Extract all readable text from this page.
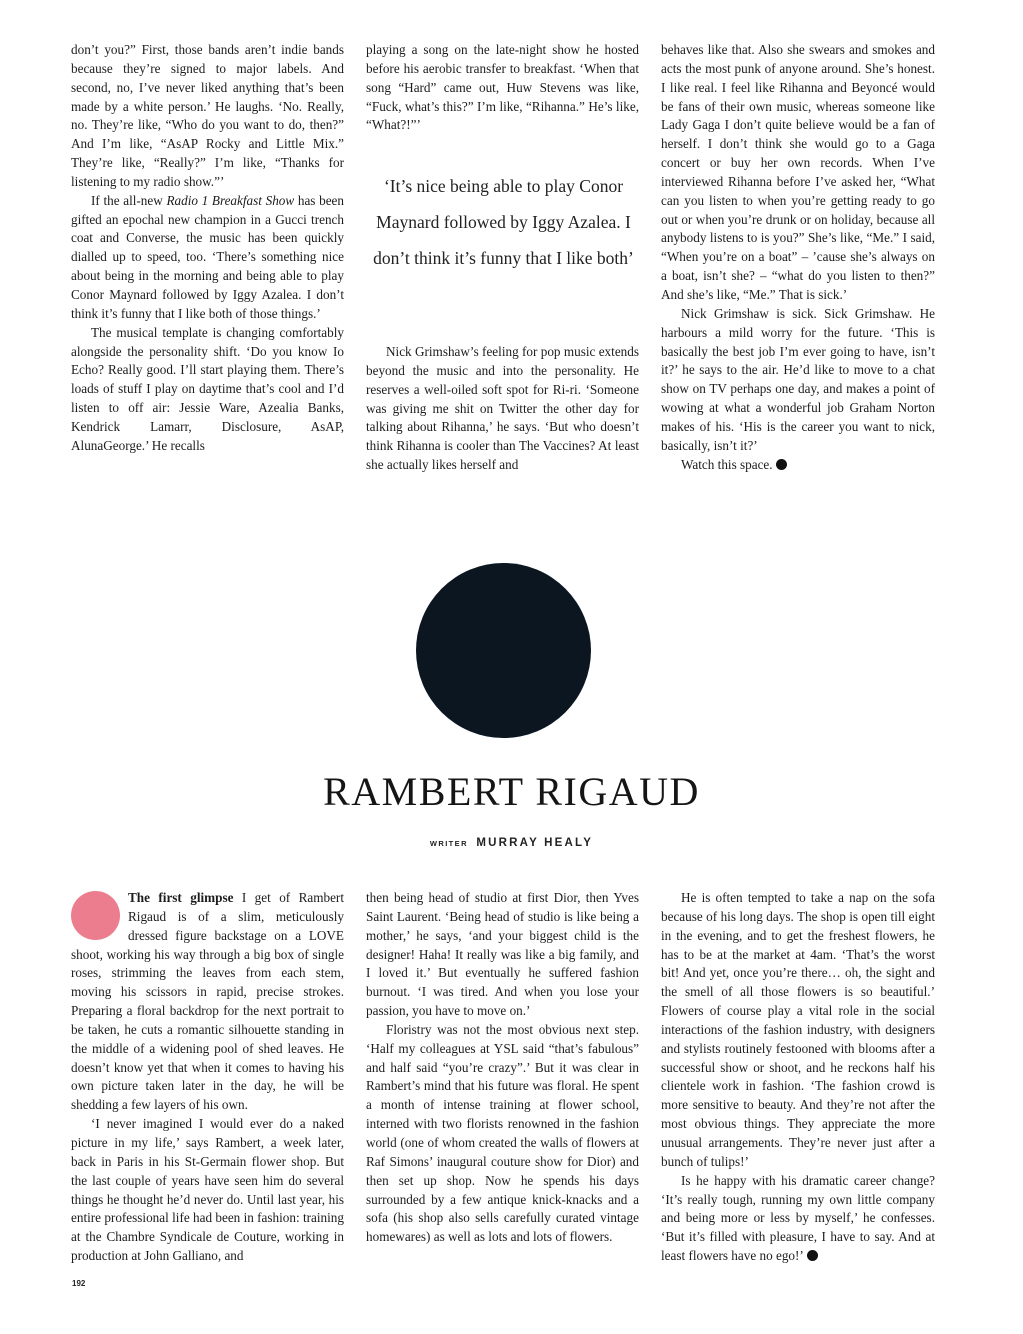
don’t you?” First, those bands aren’t indie bands because they’re signed to major labels. And second, no, I’ve never liked anything that’s been made by a white person.’ He laughs. ‘No. Really, no. They’re like, “Who do you want to do, then?” And I’m like, “AsAP Rocky and Little Mix.” They’re like, “Really?” I’m like, “Thanks for listening to my radio show.”’

If the all-new Radio 1 Breakfast Show has been gifted an epochal new champion in a Gucci trench coat and Converse, the music has been quickly dialled up to speed, too. ‘There’s something nice about being in the morning and being able to play Conor Maynard followed by Iggy Azalea. I don’t think it’s funny that I like both of those things.’

The musical template is changing comfortably alongside the personality shift. ‘Do you know Io Echo? Really good. I’ll start playing them. There’s loads of stuff I play on daytime that’s cool and I’d listen to off air: Jessie Ware, Azealia Banks, Kendrick Lamarr, Disclosure, AsAP, AlunaGeorge.’ He recalls

playing a song on the late-night show he hosted before his aerobic transfer to breakfast. ‘When that song “Hard” came out, Huw Stevens was like, “Fuck, what’s this?” I’m like, “Rihanna.” He’s like, “What?!”’

‘It’s nice being able to play Conor Maynard followed by Iggy Azalea. I don’t think it’s funny that I like both’

Nick Grimshaw’s feeling for pop music extends beyond the music and into the personality. He reserves a well-oiled soft spot for Ri-ri. ‘Someone was giving me shit on Twitter the other day for talking about Rihanna,’ he says. ‘But who doesn’t think Rihanna is cooler than The Vaccines? At least she actually likes herself and

behaves like that. Also she swears and smokes and acts the most punk of anyone around. She’s honest. I like real. I feel like Rihanna and Beyoncé would be fans of their own music, whereas someone like Lady Gaga I don’t quite believe would be a fan of herself. I don’t think she would go to a Gaga concert or buy her own records. When I’ve interviewed Rihanna before I’ve asked her, “What can you listen to when you’re getting ready to go out or when you’re drunk or on holiday, because all anybody listens to is you?” She’s like, “Me.” I said, “When you’re on a boat” – ’cause she’s always on a boat, isn’t she? – “what do you listen to then?” And she’s like, “Me.” That is sick.’

Nick Grimshaw is sick. Sick Grimshaw. He harbours a mild worry for the future. ‘This is basically the best job I’m ever going to have, isn’t it?’ he says to the air. He’d like to move to a chat show on TV perhaps one day, and makes a point of wowing at what a wonderful job Graham Norton makes of his. ‘His is the career you want to nick, basically, isn’t it?’

Watch this space.

RAMBERT RIGAUD
WRITER MURRAY HEALY

The first glimpse I get of Rambert Rigaud is of a slim, meticulously dressed figure backstage on a LOVE shoot, working his way through a big box of single roses, strimming the leaves from each stem, moving his scissors in rapid, precise strokes. Preparing a floral backdrop for the next portrait to be taken, he cuts a romantic silhouette standing in the middle of a widening pool of shed leaves. He doesn’t know yet that when it comes to having his own picture taken later in the day, he will be shedding a few layers of his own.

‘I never imagined I would ever do a naked picture in my life,’ says Rambert, a week later, back in Paris in his St-Germain flower shop. But the last couple of years have seen him do several things he thought he’d never do. Until last year, his entire professional life had been in fashion: training at the Chambre Syndicale de Couture, working in production at John Galliano, and

then being head of studio at first Dior, then Yves Saint Laurent. ‘Being head of studio is like being a mother,’ he says, ‘and your biggest child is the designer! Haha! It really was like a big family, and I loved it.’ But eventually he suffered fashion burnout. ‘I was tired. And when you lose your passion, you have to move on.’

Floristry was not the most obvious next step. ‘Half my colleagues at YSL said “that’s fabulous” and half said “you’re crazy”.’ But it was clear in Rambert’s mind that his future was floral. He spent a month of intense training at flower school, interned with two florists renowned in the fashion world (one of whom created the walls of flowers at Raf Simons’ inaugural couture show for Dior) and then set up shop. Now he spends his days surrounded by a few antique knick-knacks and a sofa (his shop also sells carefully curated vintage homewares) as well as lots and lots of flowers.

He is often tempted to take a nap on the sofa because of his long days. The shop is open till eight in the evening, and to get the freshest flowers, he has to be at the market at 4am. ‘That’s the worst bit! And yet, once you’re there… oh, the sight and the smell of all those flowers is so beautiful.’ Flowers of course play a vital role in the social interactions of the fashion industry, with designers and stylists routinely festooned with blooms after a successful show or shoot, and he reckons half his clientele work in fashion. ‘The fashion crowd is more sensitive to beauty. And they’re not after the most obvious things. They appreciate the more unusual arrangements. They’re never just after a bunch of tulips!’

Is he happy with his dramatic career change? ‘It’s really tough, running my own little company and being more or less by myself,’ he confesses. ‘But it’s filled with pleasure, I have to say. And at least flowers have no ego!’

192
